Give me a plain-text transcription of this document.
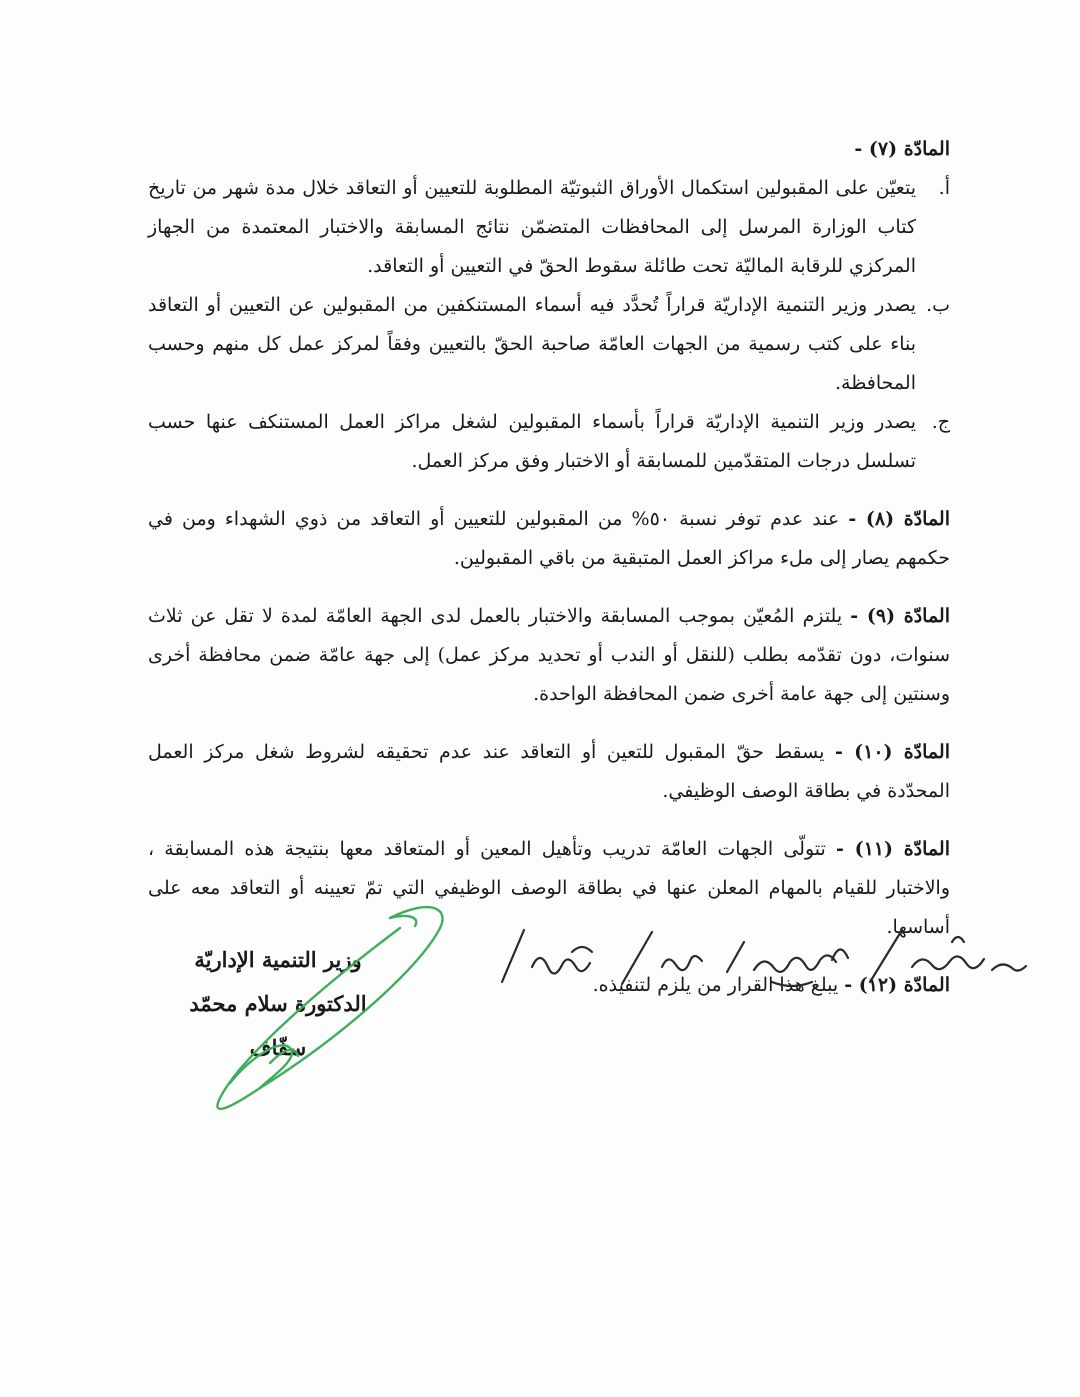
المادّة (٧) -
أ.
يتعيّن على المقبولين استكمال الأوراق الثبوتيّة المطلوبة للتعيين أو التعاقد خلال مدة شهر من تاريخ كتاب الوزارة المرسل إلى المحافظات المتضمّن نتائج المسابقة والاختبار المعتمدة من الجهاز المركزي للرقابة الماليّة تحت طائلة سقوط الحقّ في التعيين أو التعاقد.
ب.
يصدر وزير التنمية الإداريّة قراراً تُحدَّد فيه أسماء المستنكفين من المقبولين عن التعيين أو التعاقد بناء على كتب رسمية من الجهات العامّة صاحبة الحقّ بالتعيين وفقاً لمركز عمل كل منهم وحسب المحافظة.
ج.
يصدر وزير التنمية الإداريّة قراراً بأسماء المقبولين لشغل مراكز العمل المستنكف عنها حسب تسلسل درجات المتقدّمين للمسابقة أو الاختبار وفق مركز العمل.

المادّة (٨) - عند عدم توفر نسبة ٥٠% من المقبولين للتعيين أو التعاقد من ذوي الشهداء ومن في حكمهم يصار إلى ملء مراكز العمل المتبقية من باقي المقبولين.

المادّة (٩) - يلتزم المُعيّن بموجب المسابقة والاختبار بالعمل لدى الجهة العامّة لمدة لا تقل عن ثلاث سنوات، دون تقدّمه بطلب (للنقل أو الندب أو تحديد مركز عمل) إلى جهة عامّة ضمن محافظة أخرى وسنتين إلى جهة عامة أخرى ضمن المحافظة الواحدة.

المادّة (١٠) - يسقط حقّ المقبول للتعين أو التعاقد عند عدم تحقيقه لشروط شغل مركز العمل المحدّدة في بطاقة الوصف الوظيفي.

المادّة (١١) - تتولّى الجهات العامّة تدريب وتأهيل المعين أو المتعاقد معها بنتيجة هذه المسابقة ، والاختبار للقيام بالمهام المعلن عنها في بطاقة الوصف الوظيفي التي تمّ تعيينه أو التعاقد معه على أساسها.

المادّة (١٢) - يبلغ هذا القرار من يلزم لتنفيذه.

وزير التنمية الإداريّة
الدكتورة سلام محمّد سفّاف
